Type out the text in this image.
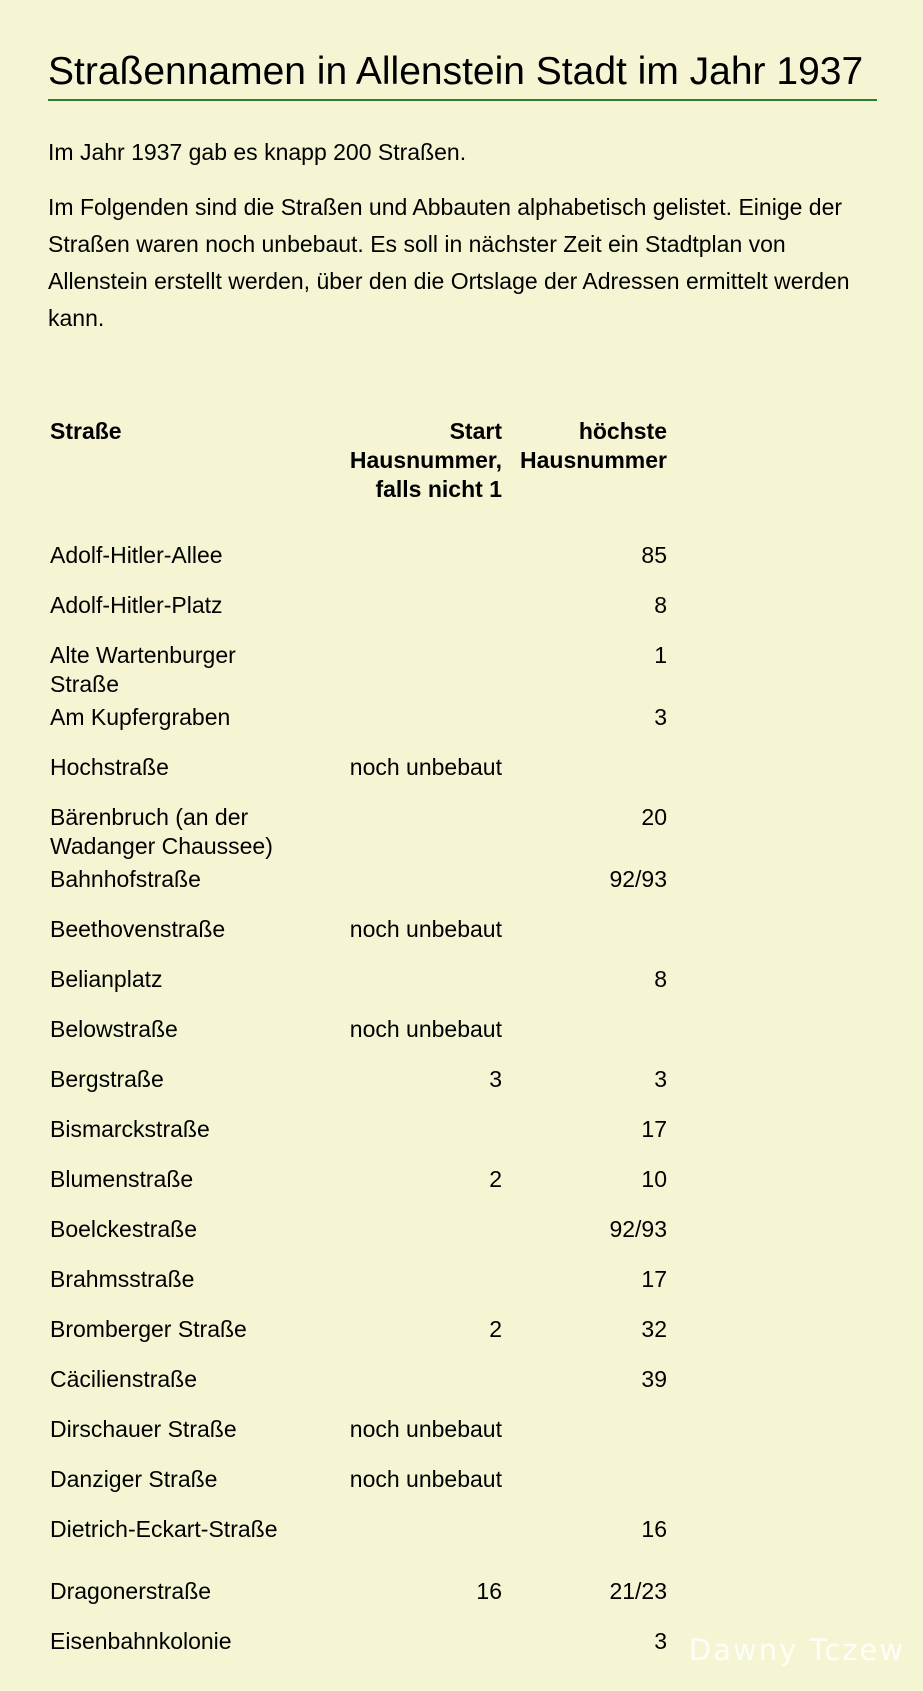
Straßennamen in Allenstein Stadt im Jahr 1937

Im Jahr 1937 gab es knapp 200 Straßen.

Im Folgenden sind die Straßen und Abbauten alphabetisch gelistet. Einige der Straßen waren noch unbebaut. Es soll in nächster Zeit ein Stadtplan von Allenstein erstellt werden, über den die Ortslage der Adressen ermittelt werden kann.

Straße	Start Hausnummer, falls nicht 1	höchste Hausnummer
Adolf-Hitler-Allee		85
Adolf-Hitler-Platz		8
Alte Wartenburger Straße		1
Am Kupfergraben		3
Hochstraße	noch unbebaut	
Bärenbruch (an der Wadanger Chaussee)		20
Bahnhofstraße		92/93
Beethovenstraße	noch unbebaut	
Belianplatz		8
Belowstraße	noch unbebaut	
Bergstraße	3	3
Bismarckstraße		17
Blumenstraße	2	10
Boelckestraße		92/93
Brahmsstraße		17
Bromberger Straße	2	32
Cäcilienstraße		39
Dirschauer Straße	noch unbebaut	
Danziger Straße	noch unbebaut	
Dietrich-Eckart-Straße		16
Dragonerstraße	16	21/23
Eisenbahnkolonie		3 Dawny Tczew
